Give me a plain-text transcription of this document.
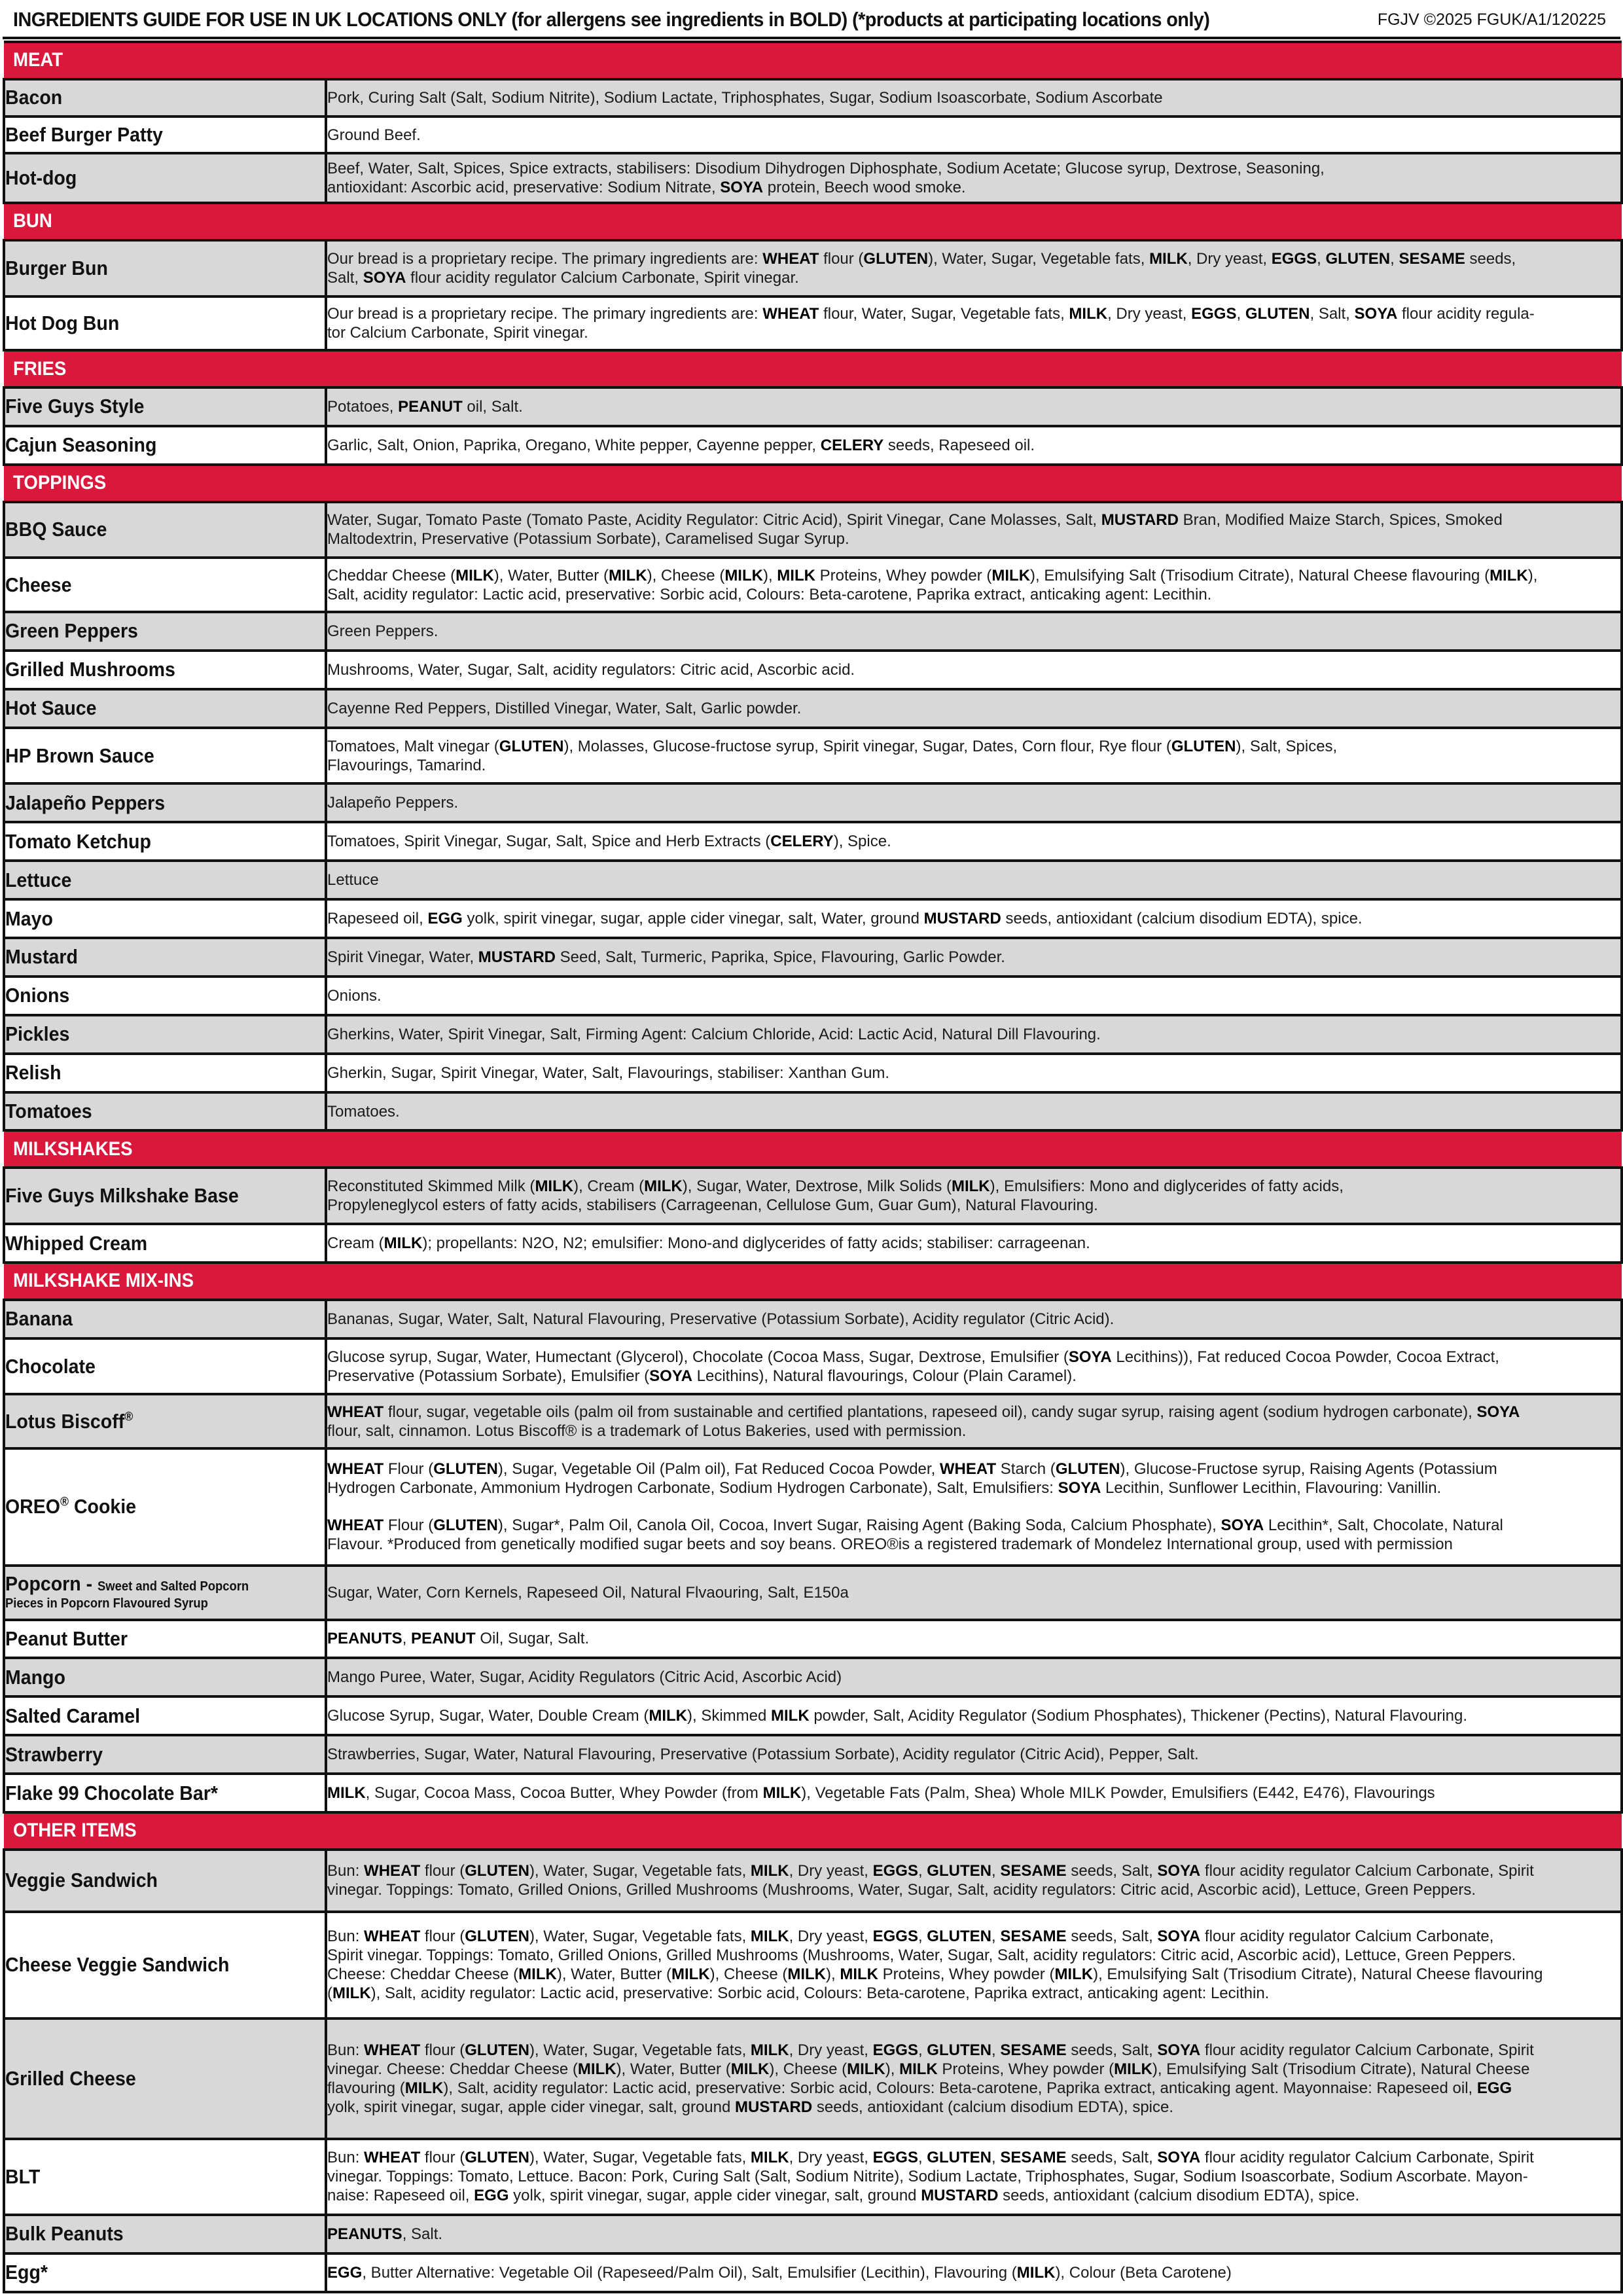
INGREDIENTS GUIDE FOR USE IN UK LOCATIONS ONLY (for allergens see ingredients in BOLD) (*products at participating locations only)	FGJV ©2025 FGUK/A1/120225
MEAT	
Bacon	Pork, Curing Salt (Salt, Sodium Nitrite), Sodium Lactate, Triphosphates, Sugar, Sodium Isoascorbate, Sodium Ascorbate

Beef Burger Patty	Ground Beef.

Hot-dog	Beef, Water, Salt, Spices, Spice extracts, stabilisers: Disodium Dihydrogen Diphosphate, Sodium Acetate; Glucose syrup, Dextrose, Seasoning,
antioxidant: Ascorbic acid, preservative: Sodium Nitrate, SOYA protein, Beech wood smoke.

BUN	
Burger Bun	Our bread is a proprietary recipe. The primary ingredients are: WHEAT flour (GLUTEN), Water, Sugar, Vegetable fats, MILK, Dry yeast, EGGS, GLUTEN, SESAME seeds,
Salt, SOYA flour acidity regulator Calcium Carbonate, Spirit vinegar.

Hot Dog Bun	Our bread is a proprietary recipe. The primary ingredients are: WHEAT flour, Water, Sugar, Vegetable fats, MILK, Dry yeast, EGGS, GLUTEN, Salt, SOYA flour acidity regula-
tor Calcium Carbonate, Spirit vinegar.

FRIES	
Five Guys Style	Potatoes, PEANUT oil, Salt.

Cajun Seasoning	Garlic, Salt, Onion, Paprika, Oregano, White pepper, Cayenne pepper, CELERY seeds, Rapeseed oil.

TOPPINGS	
BBQ Sauce	Water, Sugar, Tomato Paste (Tomato Paste, Acidity Regulator: Citric Acid), Spirit Vinegar, Cane Molasses, Salt, MUSTARD Bran, Modified Maize Starch, Spices, Smoked
Maltodextrin, Preservative (Potassium Sorbate), Caramelised Sugar Syrup.

Cheese	Cheddar Cheese (MILK), Water, Butter (MILK), Cheese (MILK), MILK Proteins, Whey powder (MILK), Emulsifying Salt (Trisodium Citrate), Natural Cheese flavouring (MILK),
Salt, acidity regulator: Lactic acid, preservative: Sorbic acid, Colours: Beta-carotene, Paprika extract, anticaking agent: Lecithin.

Green Peppers	Green Peppers.

Grilled Mushrooms	Mushrooms, Water, Sugar, Salt, acidity regulators: Citric acid, Ascorbic acid.

Hot Sauce	Cayenne Red Peppers, Distilled Vinegar, Water, Salt, Garlic powder.

HP Brown Sauce	Tomatoes, Malt vinegar (GLUTEN), Molasses, Glucose-fructose syrup, Spirit vinegar, Sugar, Dates, Corn flour, Rye flour (GLUTEN), Salt, Spices,
Flavourings, Tamarind.

Jalapeño Peppers	Jalapeño Peppers.

Tomato Ketchup	Tomatoes, Spirit Vinegar, Sugar, Salt, Spice and Herb Extracts (CELERY), Spice.

Lettuce	Lettuce

Mayo	Rapeseed oil, EGG yolk, spirit vinegar, sugar, apple cider vinegar, salt, Water, ground MUSTARD seeds, antioxidant (calcium disodium EDTA), spice.

Mustard	Spirit Vinegar, Water, MUSTARD Seed, Salt, Turmeric, Paprika, Spice, Flavouring, Garlic Powder.

Onions	Onions.

Pickles	Gherkins, Water, Spirit Vinegar, Salt, Firming Agent: Calcium Chloride, Acid: Lactic Acid, Natural Dill Flavouring.

Relish	Gherkin, Sugar, Spirit Vinegar, Water, Salt, Flavourings, stabiliser: Xanthan Gum.

Tomatoes	Tomatoes.

MILKSHAKES	
Five Guys Milkshake Base	Reconstituted Skimmed Milk (MILK), Cream (MILK), Sugar, Water, Dextrose, Milk Solids (MILK), Emulsifiers: Mono and diglycerides of fatty acids,
Propyleneglycol esters of fatty acids, stabilisers (Carrageenan, Cellulose Gum, Guar Gum), Natural Flavouring.

Whipped Cream	Cream (MILK); propellants: N2O, N2; emulsifier: Mono-and diglycerides of fatty acids; stabiliser: carrageenan.

MILKSHAKE MIX-INS	
Banana	Bananas, Sugar, Water, Salt, Natural Flavouring, Preservative (Potassium Sorbate), Acidity regulator (Citric Acid).

Chocolate	Glucose syrup, Sugar, Water, Humectant (Glycerol), Chocolate (Cocoa Mass, Sugar, Dextrose, Emulsifier (SOYA Lecithins)), Fat reduced Cocoa Powder, Cocoa Extract,
Preservative (Potassium Sorbate), Emulsifier (SOYA Lecithins), Natural flavourings, Colour (Plain Caramel).

Lotus Biscoff®	WHEAT flour, sugar, vegetable oils (palm oil from sustainable and certified plantations, rapeseed oil), candy sugar syrup, raising agent (sodium hydrogen carbonate), SOYA
flour, salt, cinnamon. Lotus Biscoff® is a trademark of Lotus Bakeries, used with permission.

OREO® Cookie	WHEAT Flour (GLUTEN), Sugar, Vegetable Oil (Palm oil), Fat Reduced Cocoa Powder, WHEAT Starch (GLUTEN), Glucose-Fructose syrup, Raising Agents (Potassium
Hydrogen Carbonate, Ammonium Hydrogen Carbonate, Sodium Hydrogen Carbonate), Salt, Emulsifiers: SOYA Lecithin, Sunflower Lecithin, Flavouring: Vanillin.

WHEAT Flour (GLUTEN), Sugar*, Palm Oil, Canola Oil, Cocoa, Invert Sugar, Raising Agent (Baking Soda, Calcium Phosphate), SOYA Lecithin*, Salt, Chocolate, Natural
Flavour. *Produced from genetically modified sugar beets and soy beans. OREO®is a registered trademark of Mondelez International group, used with permission

Popcorn - Sweet and Salted Popcorn
Pieces in Popcorn Flavoured Syrup	Sugar, Water, Corn Kernels, Rapeseed Oil, Natural Flvaouring, Salt, E150a

Peanut Butter	PEANUTS, PEANUT Oil, Sugar, Salt.

Mango	Mango Puree, Water, Sugar, Acidity Regulators (Citric Acid, Ascorbic Acid)

Salted Caramel	Glucose Syrup, Sugar, Water, Double Cream (MILK), Skimmed MILK powder, Salt, Acidity Regulator (Sodium Phosphates), Thickener (Pectins), Natural Flavouring.

Strawberry	Strawberries, Sugar, Water, Natural Flavouring, Preservative (Potassium Sorbate), Acidity regulator (Citric Acid), Pepper, Salt.

Flake 99 Chocolate Bar*	MILK, Sugar, Cocoa Mass, Cocoa Butter, Whey Powder (from MILK), Vegetable Fats (Palm, Shea) Whole MILK Powder, Emulsifiers (E442, E476), Flavourings

OTHER ITEMS	
Veggie Sandwich	Bun: WHEAT flour (GLUTEN), Water, Sugar, Vegetable fats, MILK, Dry yeast, EGGS, GLUTEN, SESAME seeds, Salt, SOYA flour acidity regulator Calcium Carbonate, Spirit
vinegar. Toppings: Tomato, Grilled Onions, Grilled Mushrooms (Mushrooms, Water, Sugar, Salt, acidity regulators: Citric acid, Ascorbic acid), Lettuce, Green Peppers.

Cheese Veggie Sandwich	Bun: WHEAT flour (GLUTEN), Water, Sugar, Vegetable fats, MILK, Dry yeast, EGGS, GLUTEN, SESAME seeds, Salt, SOYA flour acidity regulator Calcium Carbonate,
Spirit vinegar. Toppings: Tomato, Grilled Onions, Grilled Mushrooms (Mushrooms, Water, Sugar, Salt, acidity regulators: Citric acid, Ascorbic acid), Lettuce, Green Peppers.
Cheese: Cheddar Cheese (MILK), Water, Butter (MILK), Cheese (MILK), MILK Proteins, Whey powder (MILK), Emulsifying Salt (Trisodium Citrate), Natural Cheese flavouring
(MILK), Salt, acidity regulator: Lactic acid, preservative: Sorbic acid, Colours: Beta-carotene, Paprika extract, anticaking agent: Lecithin.

Grilled Cheese	Bun: WHEAT flour (GLUTEN), Water, Sugar, Vegetable fats, MILK, Dry yeast, EGGS, GLUTEN, SESAME seeds, Salt, SOYA flour acidity regulator Calcium Carbonate, Spirit
vinegar. Cheese: Cheddar Cheese (MILK), Water, Butter (MILK), Cheese (MILK), MILK Proteins, Whey powder (MILK), Emulsifying Salt (Trisodium Citrate), Natural Cheese
flavouring (MILK), Salt, acidity regulator: Lactic acid, preservative: Sorbic acid, Colours: Beta-carotene, Paprika extract, anticaking agent. Mayonnaise: Rapeseed oil, EGG
yolk, spirit vinegar, sugar, apple cider vinegar, salt, ground MUSTARD seeds, antioxidant (calcium disodium EDTA), spice.

BLT	Bun: WHEAT flour (GLUTEN), Water, Sugar, Vegetable fats, MILK, Dry yeast, EGGS, GLUTEN, SESAME seeds, Salt, SOYA flour acidity regulator Calcium Carbonate, Spirit
vinegar. Toppings: Tomato, Lettuce. Bacon: Pork, Curing Salt (Salt, Sodium Nitrite), Sodium Lactate, Triphosphates, Sugar, Sodium Isoascorbate, Sodium Ascorbate. Mayon-
naise: Rapeseed oil, EGG yolk, spirit vinegar, sugar, apple cider vinegar, salt, ground MUSTARD seeds, antioxidant (calcium disodium EDTA), spice.

Bulk Peanuts	PEANUTS, Salt.

Egg*	EGG, Butter Alternative: Vegetable Oil (Rapeseed/Palm Oil), Salt, Emulsifier (Lecithin), Flavouring (MILK), Colour (Beta Carotene)
